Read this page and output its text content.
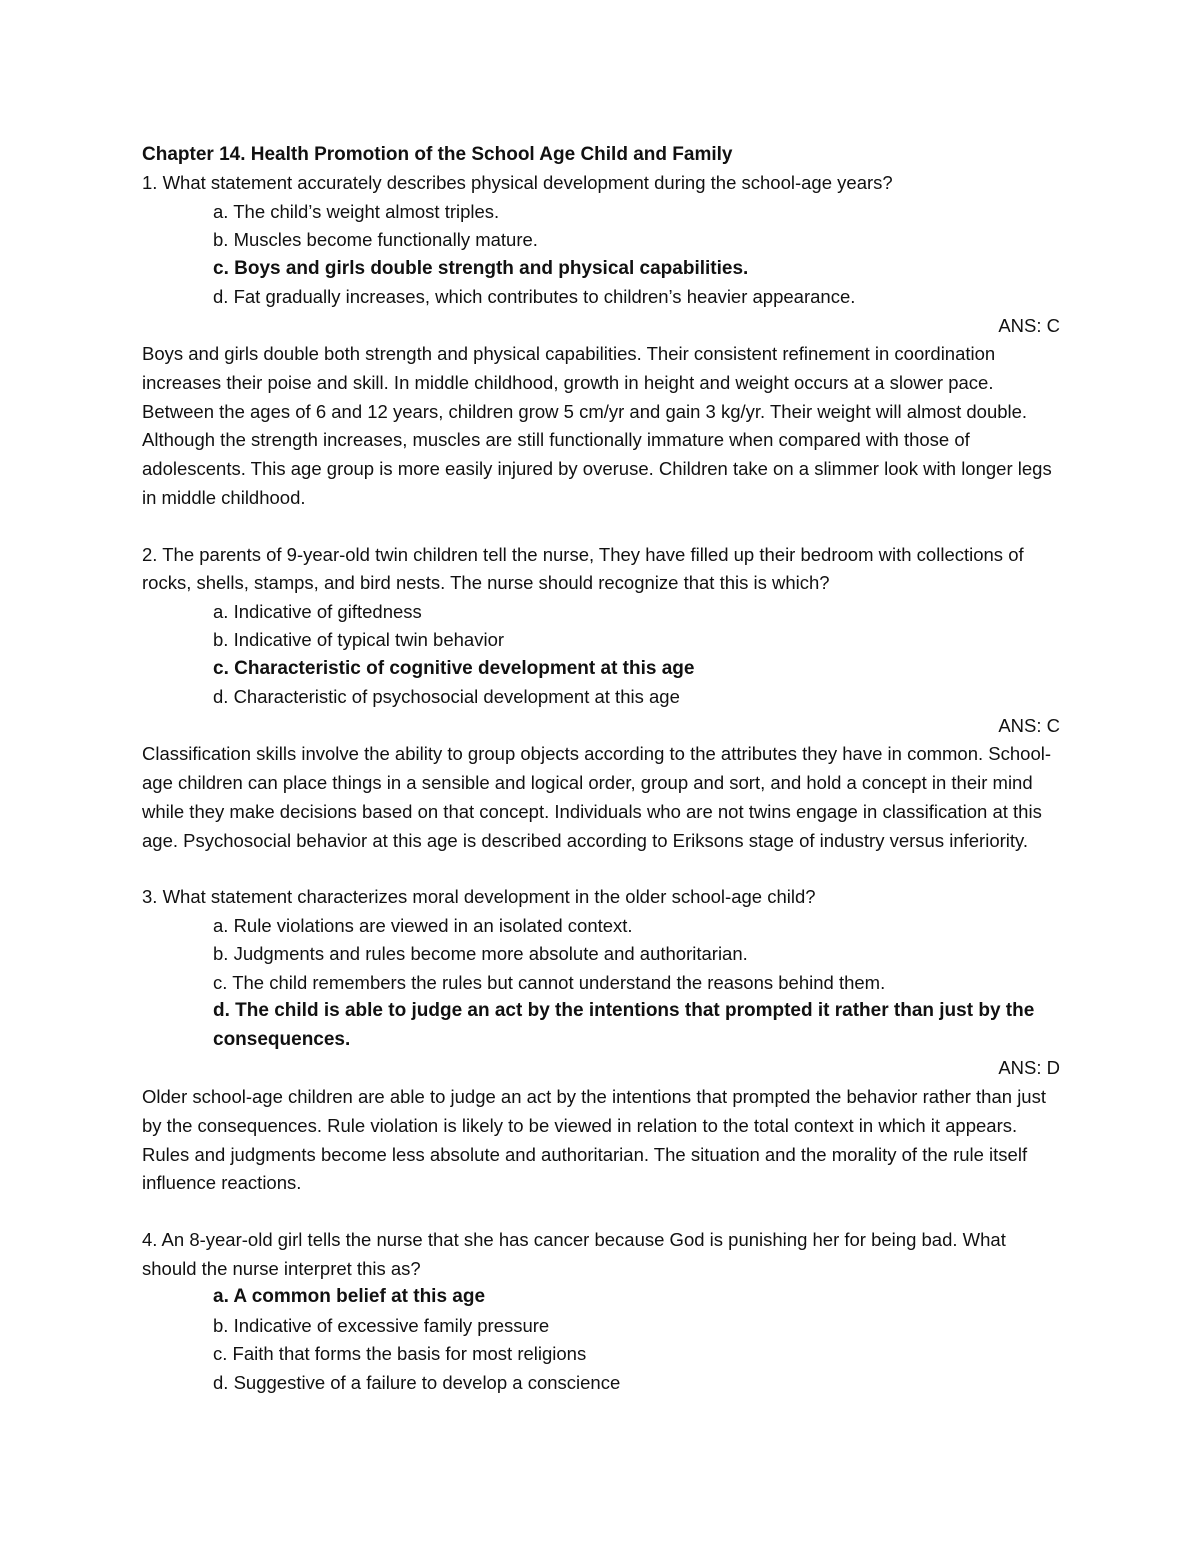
Chapter 14. Health Promotion of the School Age Child and Family

1. What statement accurately describes physical development during the school-age years?

a. The child’s weight almost triples.
b. Muscles become functionally mature.
c. Boys and girls double strength and physical capabilities.
d. Fat gradually increases, which contributes to children’s heavier appearance.

ANS: C

Boys and girls double both strength and physical capabilities. Their consistent refinement in coordination increases their poise and skill. In middle childhood, growth in height and weight occurs at a slower pace. Between the ages of 6 and 12 years, children grow 5 cm/yr and gain 3 kg/yr. Their weight will almost double. Although the strength increases, muscles are still functionally immature when compared with those of adolescents. This age group is more easily injured by overuse. Children take on a slimmer look with longer legs in middle childhood.

2. The parents of 9-year-old twin children tell the nurse, They have filled up their bedroom with collections of rocks, shells, stamps, and bird nests. The nurse should recognize that this is which?

a. Indicative of giftedness
b. Indicative of typical twin behavior
c. Characteristic of cognitive development at this age
d. Characteristic of psychosocial development at this age

ANS: C

Classification skills involve the ability to group objects according to the attributes they have in common. School-age children can place things in a sensible and logical order, group and sort, and hold a concept in their mind while they make decisions based on that concept. Individuals who are not twins engage in classification at this age. Psychosocial behavior at this age is described according to Eriksons stage of industry versus inferiority.

3. What statement characterizes moral development in the older school-age child?

a. Rule violations are viewed in an isolated context.
b. Judgments and rules become more absolute and authoritarian.
c. The child remembers the rules but cannot understand the reasons behind them.
d. The child is able to judge an act by the intentions that prompted it rather than just by the consequences.

ANS: D

Older school-age children are able to judge an act by the intentions that prompted the behavior rather than just by the consequences. Rule violation is likely to be viewed in relation to the total context in which it appears. Rules and judgments become less absolute and authoritarian. The situation and the morality of the rule itself influence reactions.

4. An 8-year-old girl tells the nurse that she has cancer because God is punishing her for being bad. What should the nurse interpret this as?

a. A common belief at this age
b. Indicative of excessive family pressure
c. Faith that forms the basis for most religions
d. Suggestive of a failure to develop a conscience
